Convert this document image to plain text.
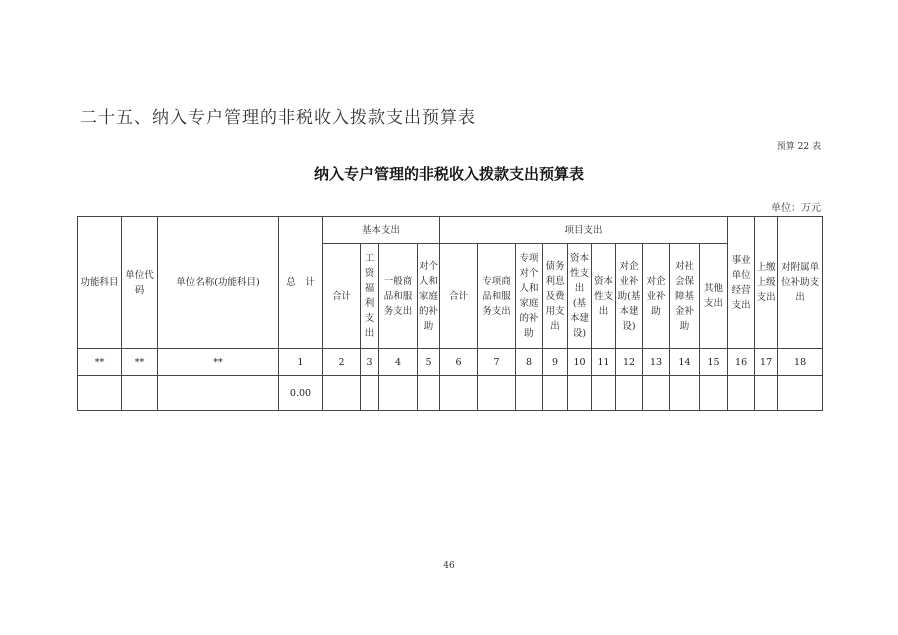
二十五、纳入专户管理的非税收入拨款支出预算表
预算 22 表
纳入专户管理的非税收入拨款支出预算表
单位：万元
功能科目	单位代码	单位名称(功能科目)	总　计	基本支出				项目支出										事业单位经营支出	上缴上级支出	对附属单位补助支出
				合计	工资福利支出	一般商品和服务支出	对个人和家庭的补助	合计	专项商品和服务支出	专项对个人和家庭的补助	债务利息及费用支出	资本性支出(基本建设)	资本性支出	对企业补助(基本建设)	对企业补助	对社会保障基金补助	其他支出			
**	**	**	1	2	3	4	5	6	7	8	9	10	11	12	13	14	15	16	17	18
			0.00																	
46
